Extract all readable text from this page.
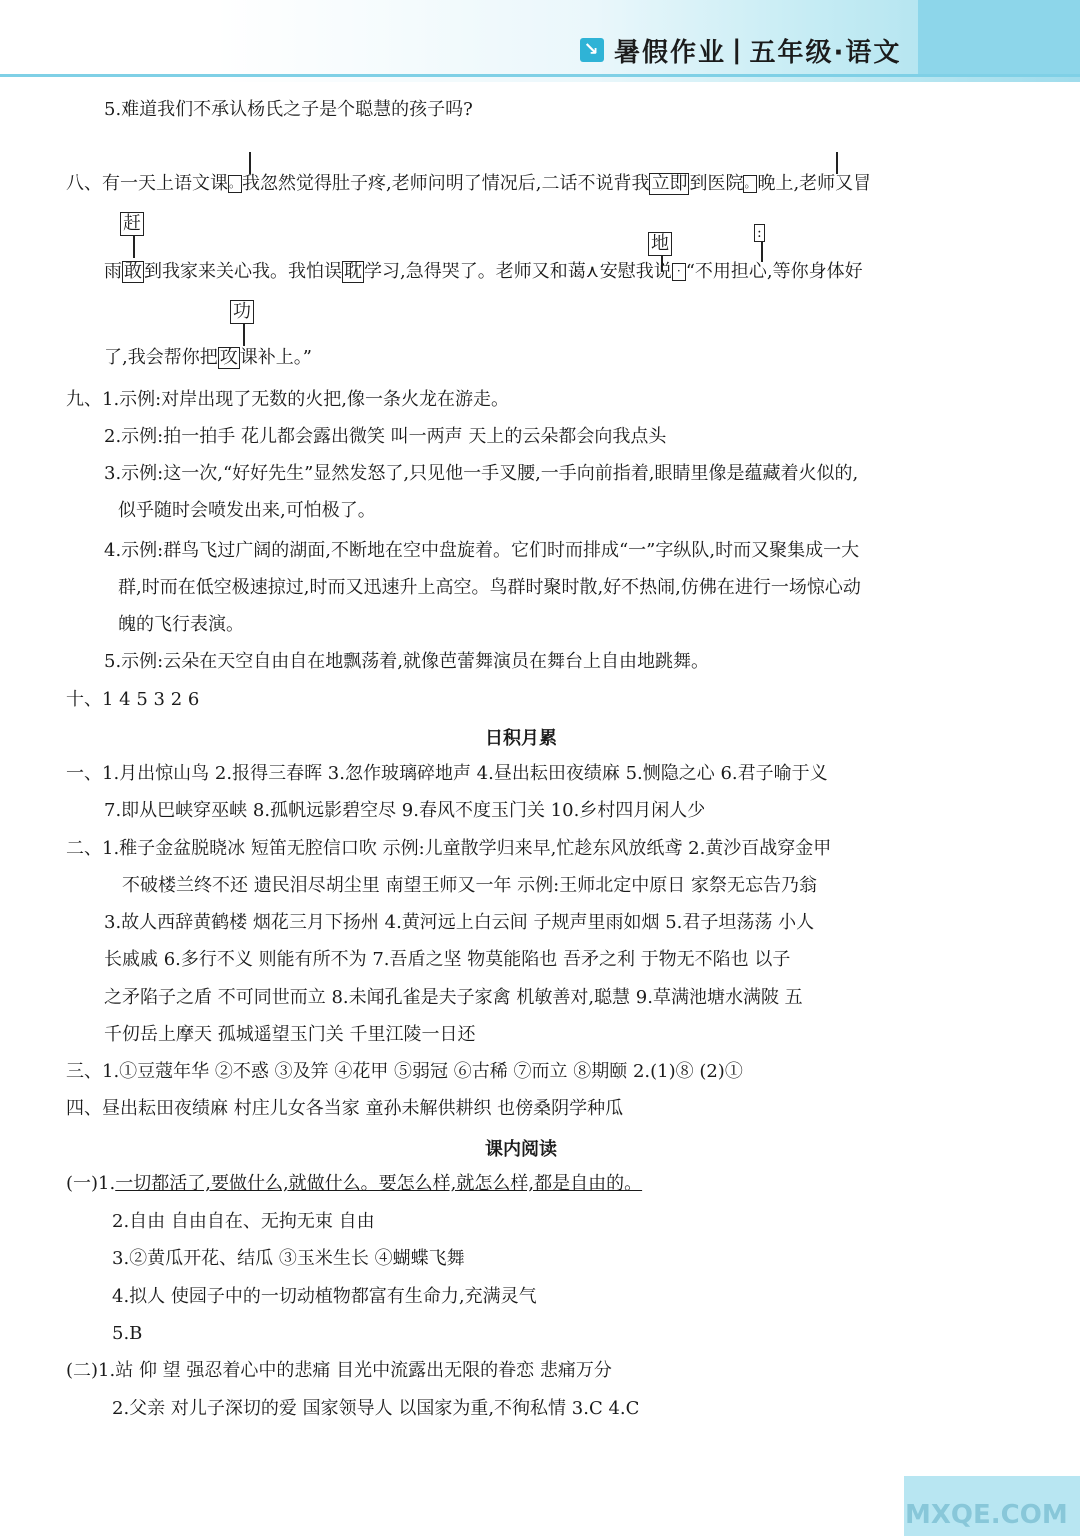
↘ 暑假作业 | 五年级·语文
5.难道我们不承认杨氏之子是个聪慧的孩子吗?
八、有一天上语文课。我忽然觉得肚子疼,老师问明了情况后,二话不说背我 立即 到医院。晚上,老师又冒
赶
地	:
雨 敢 到我家来关心我。我怕误 耽 学习,急得哭了。老师又和蔼⋏安慰我说 · “不用担心,等你身体好
功
了,我会帮你把 攻 课补上。”
九、1.示例:对岸出现了无数的火把,像一条火龙在游走。
2.示例:拍一拍手 花儿都会露出微笑 叫一两声 天上的云朵都会向我点头
3.示例:这一次,“好好先生”显然发怒了,只见他一手叉腰,一手向前指着,眼睛里像是蕴藏着火似的,
似乎随时会喷发出来,可怕极了。
4.示例:群鸟飞过广阔的湖面,不断地在空中盘旋着。它们时而排成“一”字纵队,时而又聚集成一大
群,时而在低空极速掠过,时而又迅速升上高空。鸟群时聚时散,好不热闹,仿佛在进行一场惊心动
魄的飞行表演。
5.示例:云朵在天空自由自在地飘荡着,就像芭蕾舞演员在舞台上自由地跳舞。
十、1 4 5 3 2 6
日积月累
一、1.月出惊山鸟 2.报得三春晖 3.忽作玻璃碎地声 4.昼出耘田夜绩麻 5.恻隐之心 6.君子喻于义
7.即从巴峡穿巫峡 8.孤帆远影碧空尽 9.春风不度玉门关 10.乡村四月闲人少
二、1.稚子金盆脱晓冰 短笛无腔信口吹 示例:儿童散学归来早,忙趁东风放纸鸢 2.黄沙百战穿金甲
不破楼兰终不还 遗民泪尽胡尘里 南望王师又一年 示例:王师北定中原日 家祭无忘告乃翁
3.故人西辞黄鹤楼 烟花三月下扬州 4.黄河远上白云间 子规声里雨如烟 5.君子坦荡荡 小人
长戚戚 6.多行不义 则能有所不为 7.吾盾之坚 物莫能陷也 吾矛之利 于物无不陷也 以子
之矛陷子之盾 不可同世而立 8.未闻孔雀是夫子家禽 机敏善对,聪慧 9.草满池塘水满陂 五
千仞岳上摩天 孤城遥望玉门关 千里江陵一日还
三、1.①豆蔻年华 ②不惑 ③及笄 ④花甲 ⑤弱冠 ⑥古稀 ⑦而立 ⑧期颐 2.(1)⑧ (2)①
四、昼出耘田夜绩麻 村庄儿女各当家 童孙未解供耕织 也傍桑阴学种瓜
课内阅读
(一)1.一切都活了,要做什么,就做什么。要怎么样,就怎么样,都是自由的。
2.自由 自由自在、无拘无束 自由
3.②黄瓜开花、结瓜 ③玉米生长 ④蝴蝶飞舞
4.拟人 使园子中的一切动植物都富有生命力,充满灵气
5.B
(二)1.站 仰 望 强忍着心中的悲痛 目光中流露出无限的眷恋 悲痛万分
2.父亲 对儿子深切的爱 国家领导人 以国家为重,不徇私情 3.C 4.C
MXQE.COM
